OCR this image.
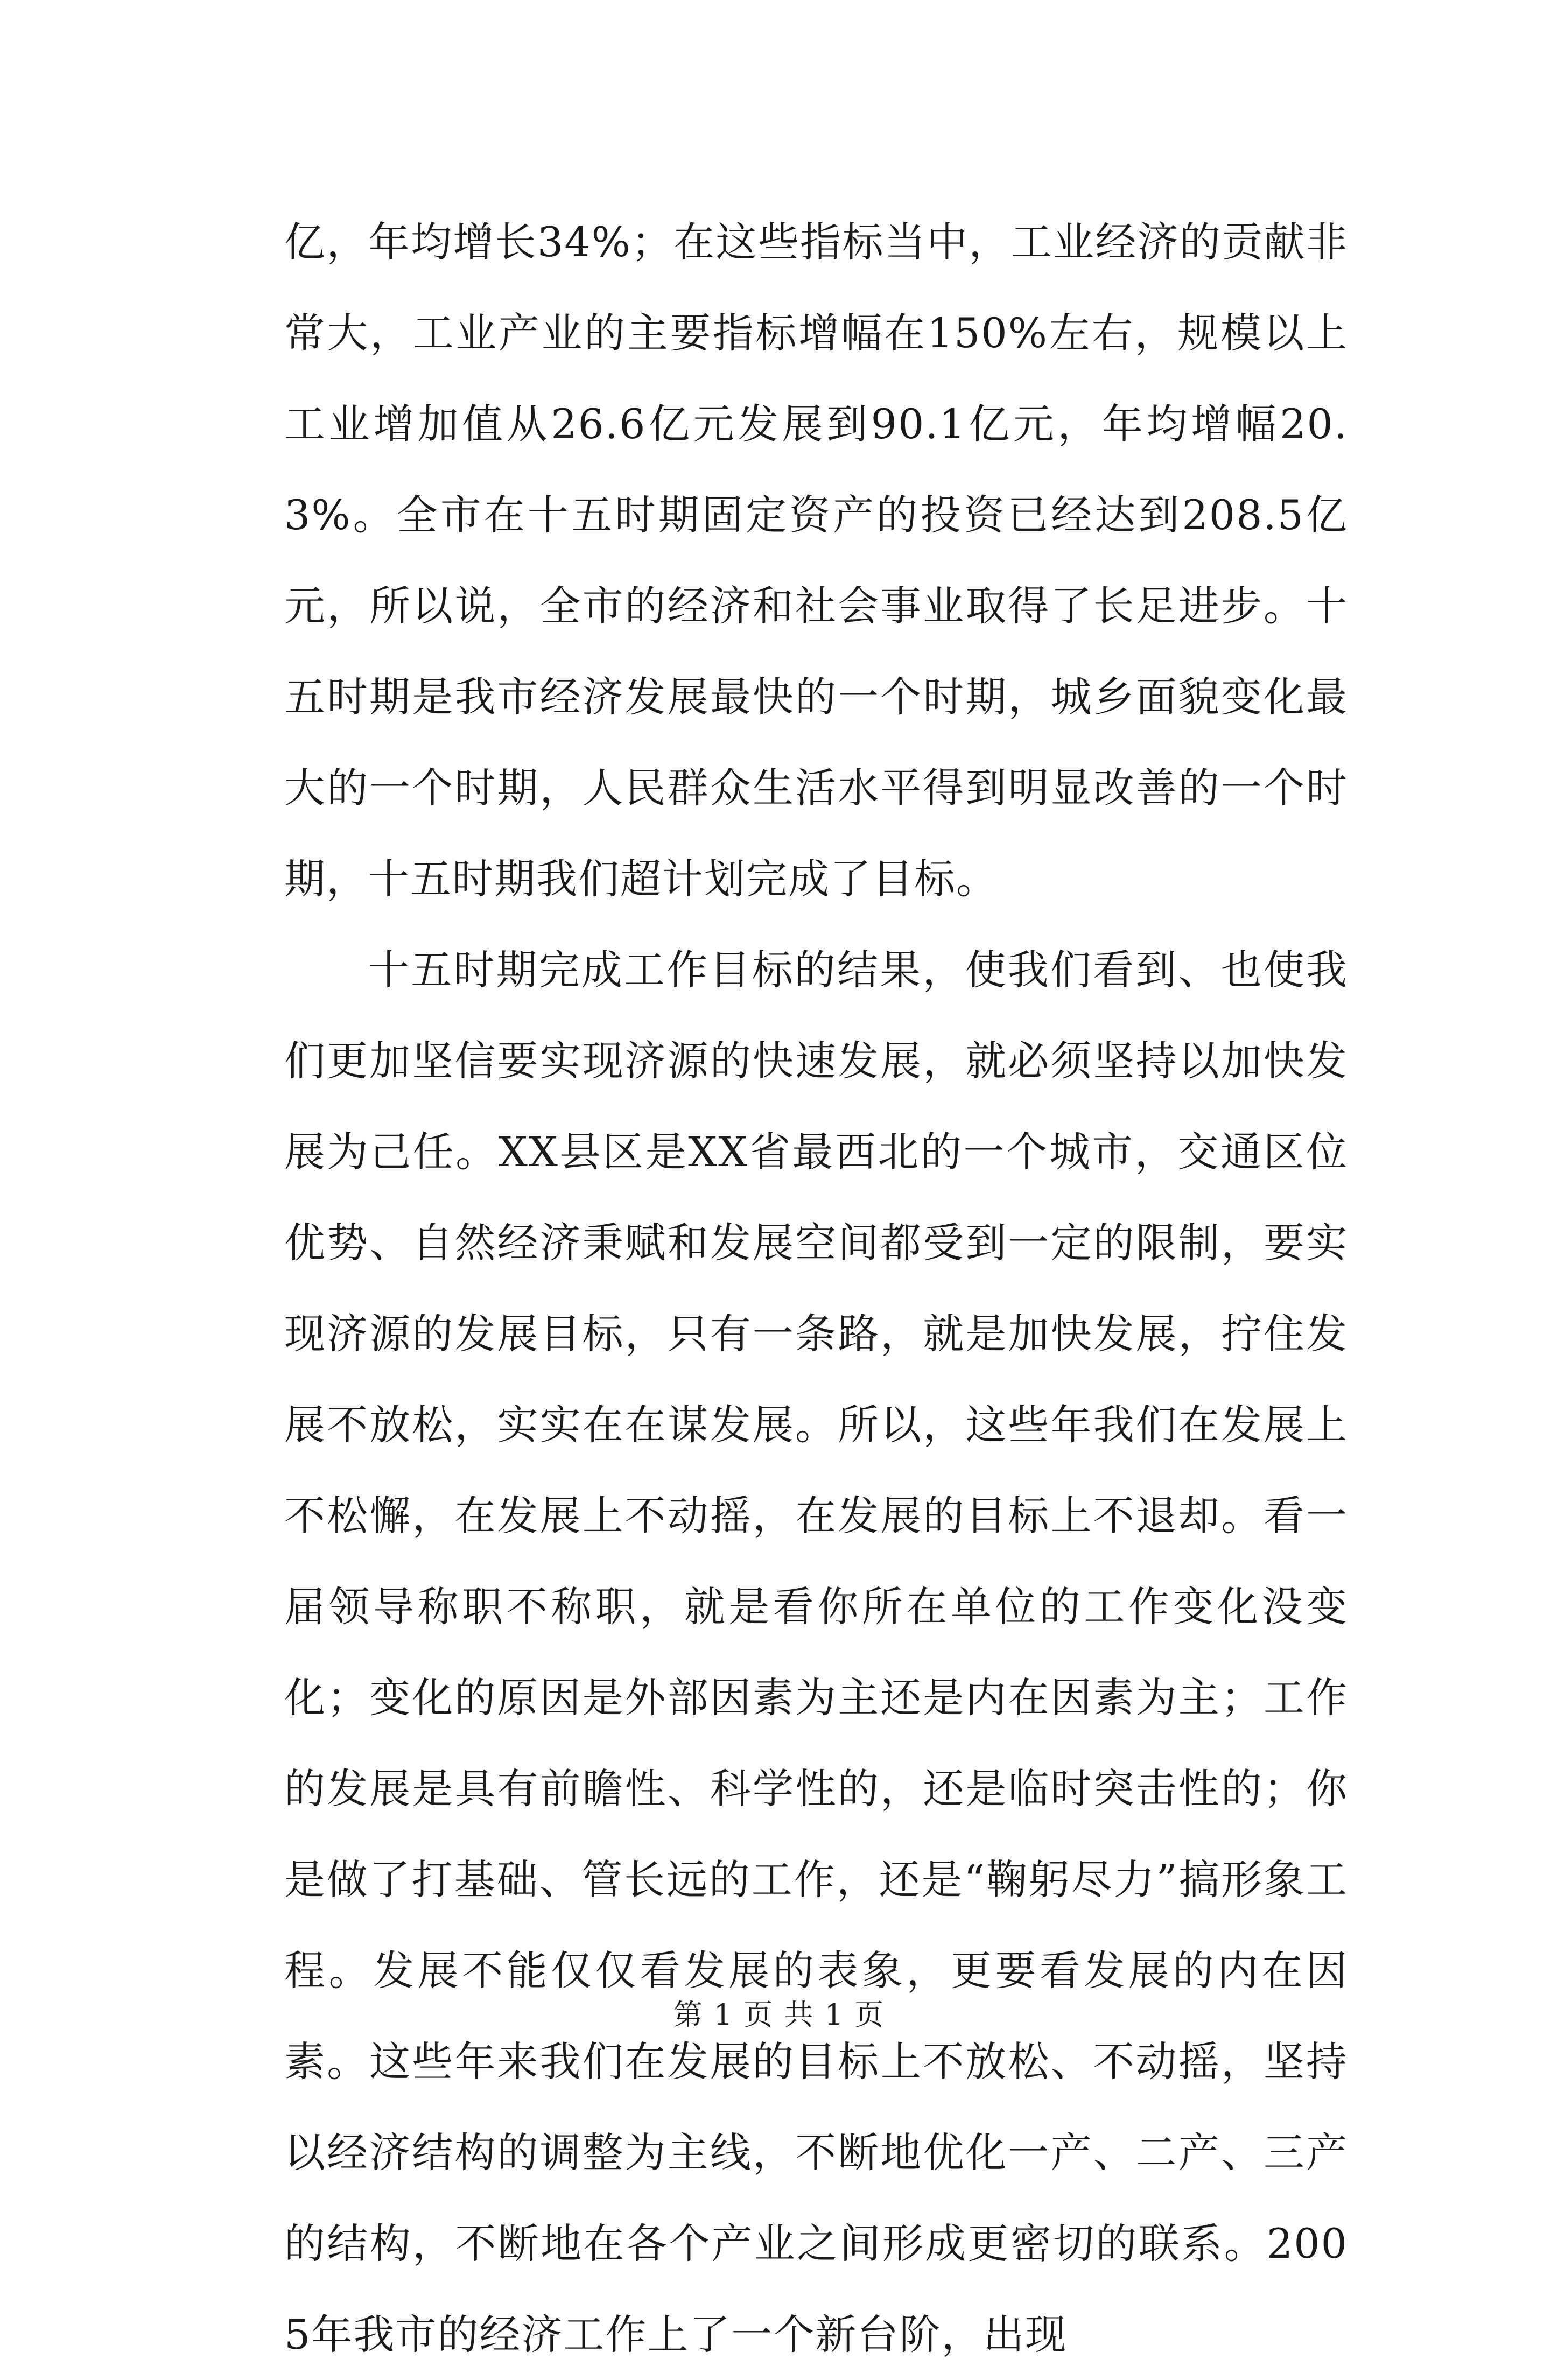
亿，年均增长34%；在这些指标当中，工业经济的贡献非常大，工业产业的主要指标增幅在150%左右，规模以上工业增加值从26.6亿元发展到90.1亿元，年均增幅20.3%。全市在十五时期固定资产的投资已经达到208.5亿元，所以说，全市的经济和社会事业取得了长足进步。十五时期是我市经济发展最快的一个时期，城乡面貌变化最大的一个时期，人民群众生活水平得到明显改善的一个时期，十五时期我们超计划完成了目标。

十五时期完成工作目标的结果，使我们看到、也使我们更加坚信要实现济源的快速发展，就必须坚持以加快发展为己任。XX县区是XX省最西北的一个城市，交通区位优势、自然经济秉赋和发展空间都受到一定的限制，要实现济源的发展目标，只有一条路，就是加快发展，拧住发展不放松，实实在在谋发展。所以，这些年我们在发展上不松懈，在发展上不动摇，在发展的目标上不退却。看一届领导称职不称职，就是看你所在单位的工作变化没变化；变化的原因是外部因素为主还是内在因素为主；工作的发展是具有前瞻性、科学性的，还是临时突击性的；你是做了打基础、管长远的工作，还是“鞠躬尽力”搞形象工程。发展不能仅仅看发展的表象，更要看发展的内在因素。这些年来我们在发展的目标上不放松、不动摇，坚持以经济结构的调整为主线，不断地优化一产、二产、三产的结构，不断地在各个产业之间形成更密切的联系。2005年我市的经济工作上了一个新台阶，出现

第 1 页 共 1 页
